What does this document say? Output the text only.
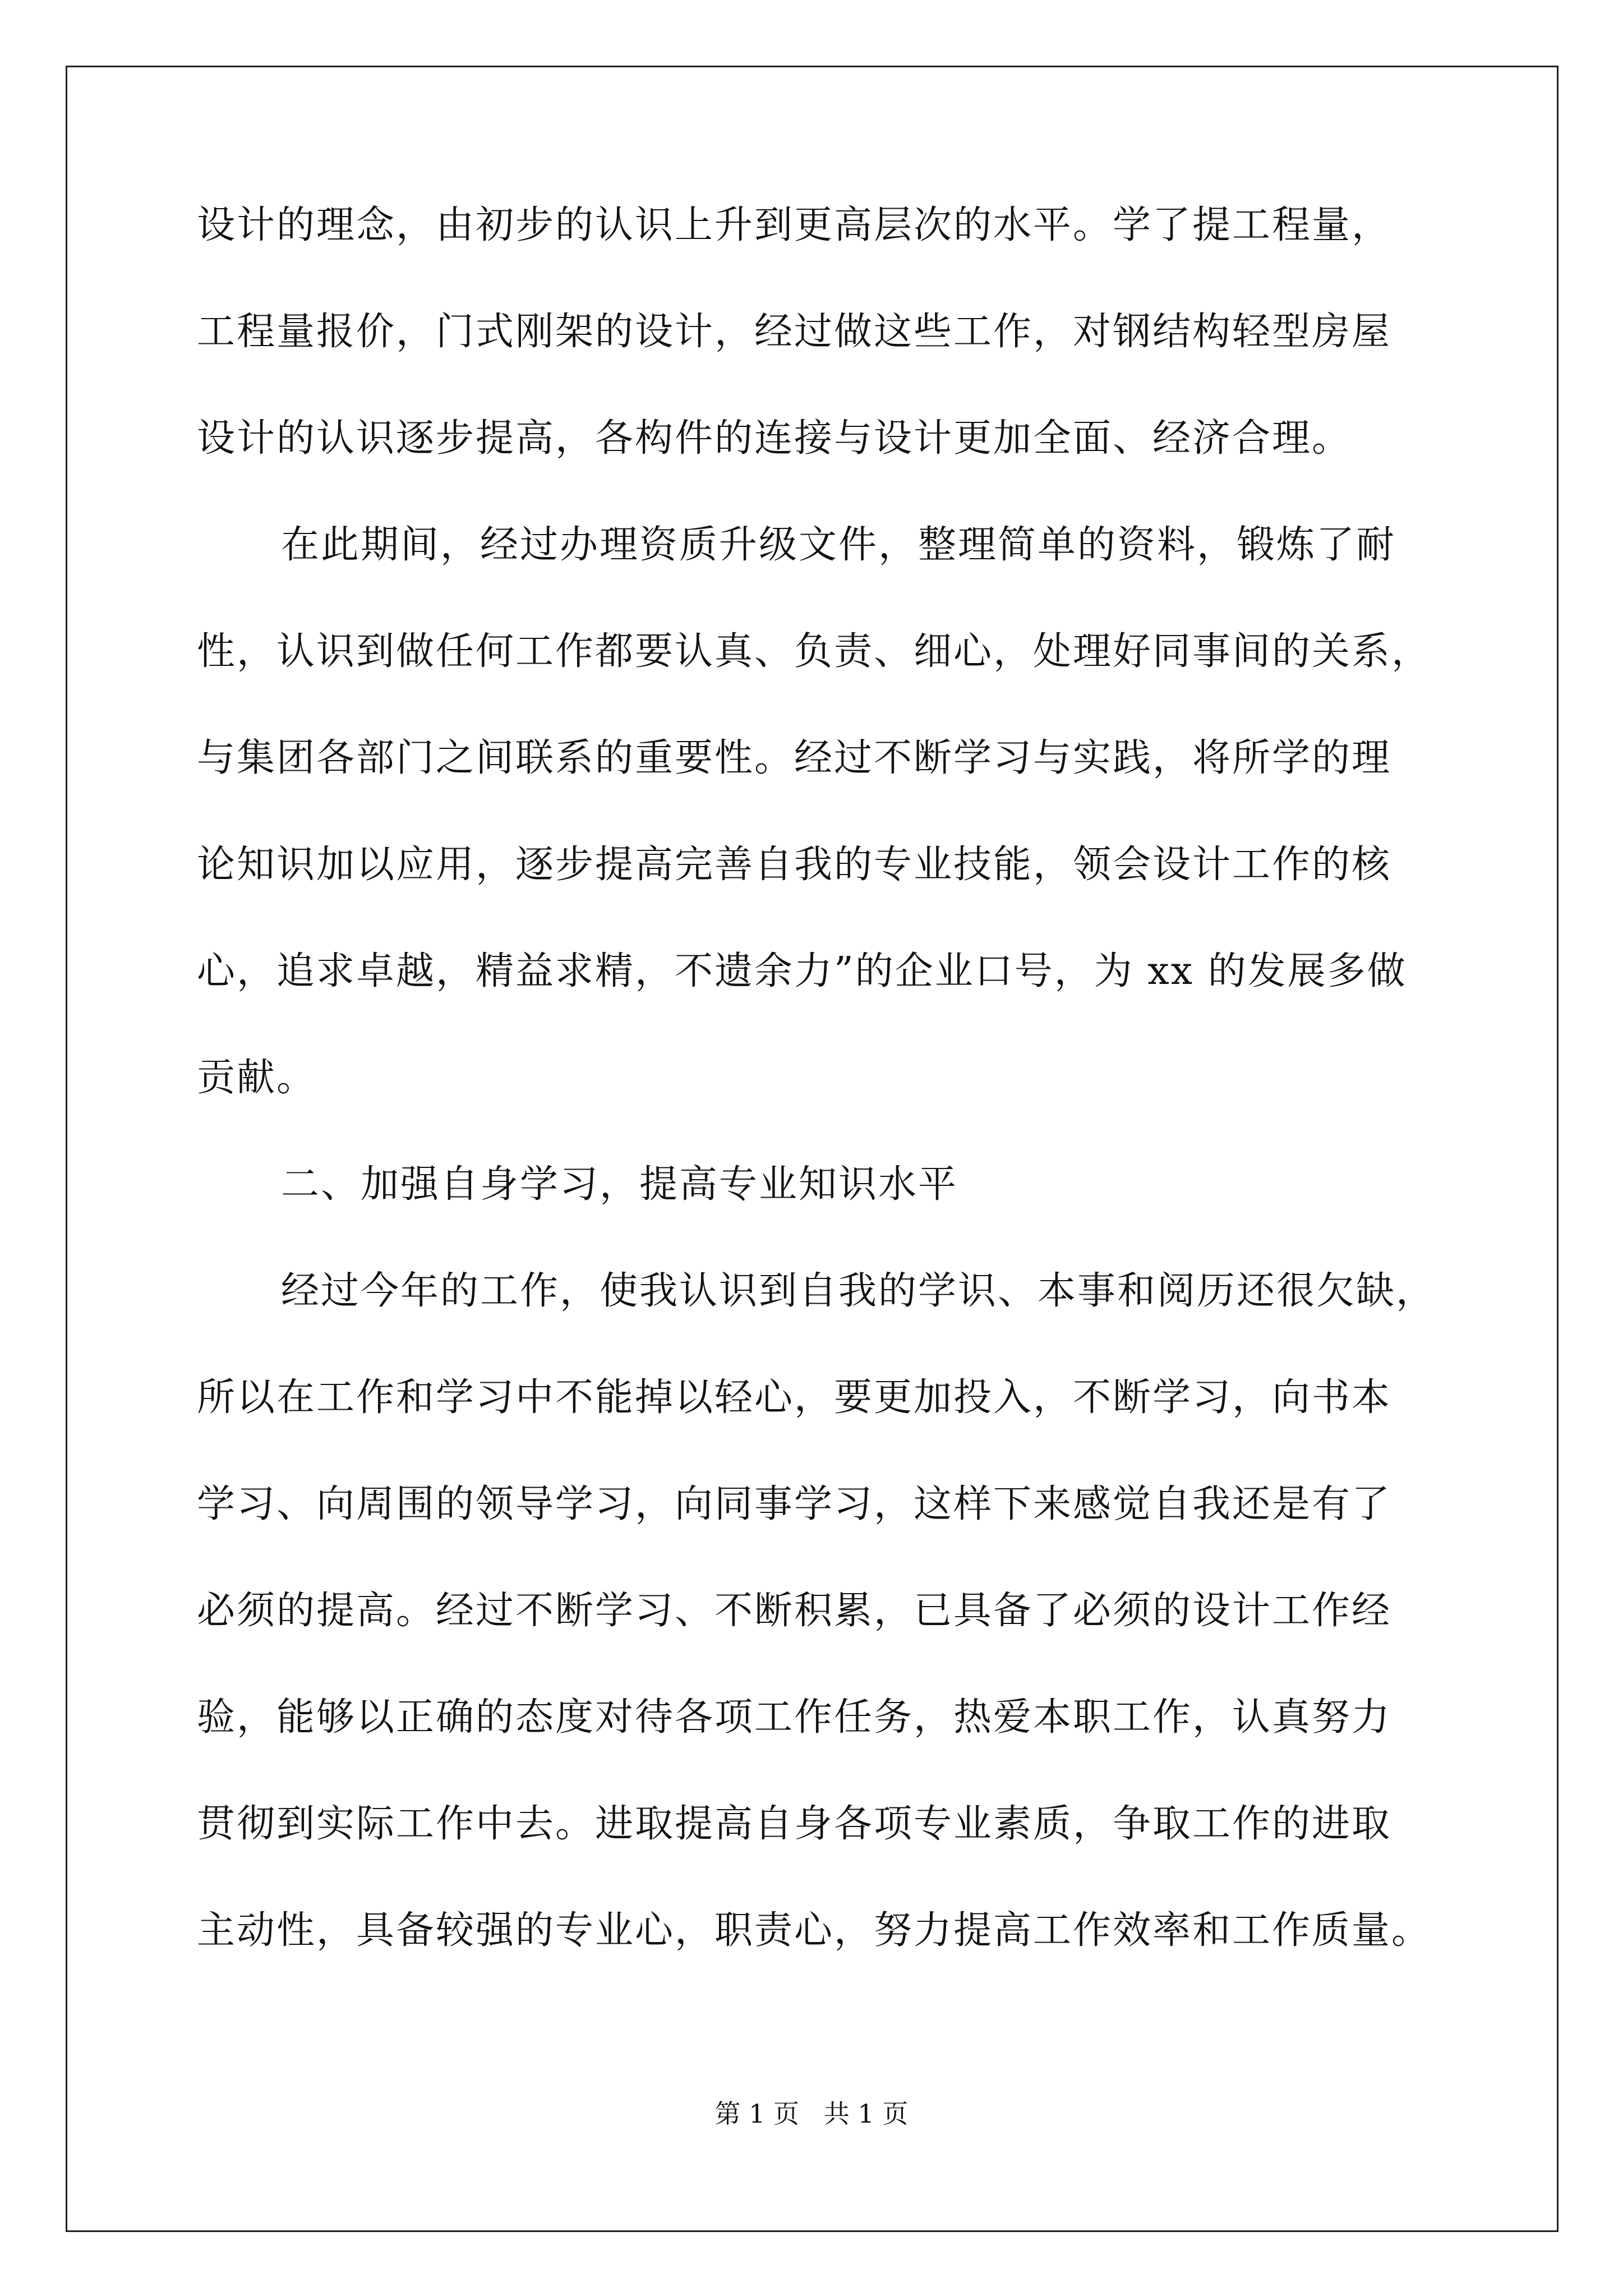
设计的理念，由初步的认识上升到更高层次的水平。学了提工程量，
工程量报价，门式刚架的设计，经过做这些工作，对钢结构轻型房屋
设计的认识逐步提高，各构件的连接与设计更加全面、经济合理。
在此期间，经过办理资质升级文件，整理简单的资料，锻炼了耐
性，认识到做任何工作都要认真、负责、细心，处理好同事间的关系，
与集团各部门之间联系的重要性。经过不断学习与实践，将所学的理
论知识加以应用，逐步提高完善自我的专业技能，领会设计工作的核
心，追求卓越，精益求精，不遗余力”的企业口号，为 xx 的发展多做
贡献。
二、加强自身学习，提高专业知识水平
经过今年的工作，使我认识到自我的学识、本事和阅历还很欠缺，
所以在工作和学习中不能掉以轻心，要更加投入，不断学习，向书本
学习、向周围的领导学习，向同事学习，这样下来感觉自我还是有了
必须的提高。经过不断学习、不断积累，已具备了必须的设计工作经
验，能够以正确的态度对待各项工作任务，热爱本职工作，认真努力
贯彻到实际工作中去。进取提高自身各项专业素质，争取工作的进取
主动性，具备较强的专业心，职责心，努力提高工作效率和工作质量。
第 1 页   共 1 页
